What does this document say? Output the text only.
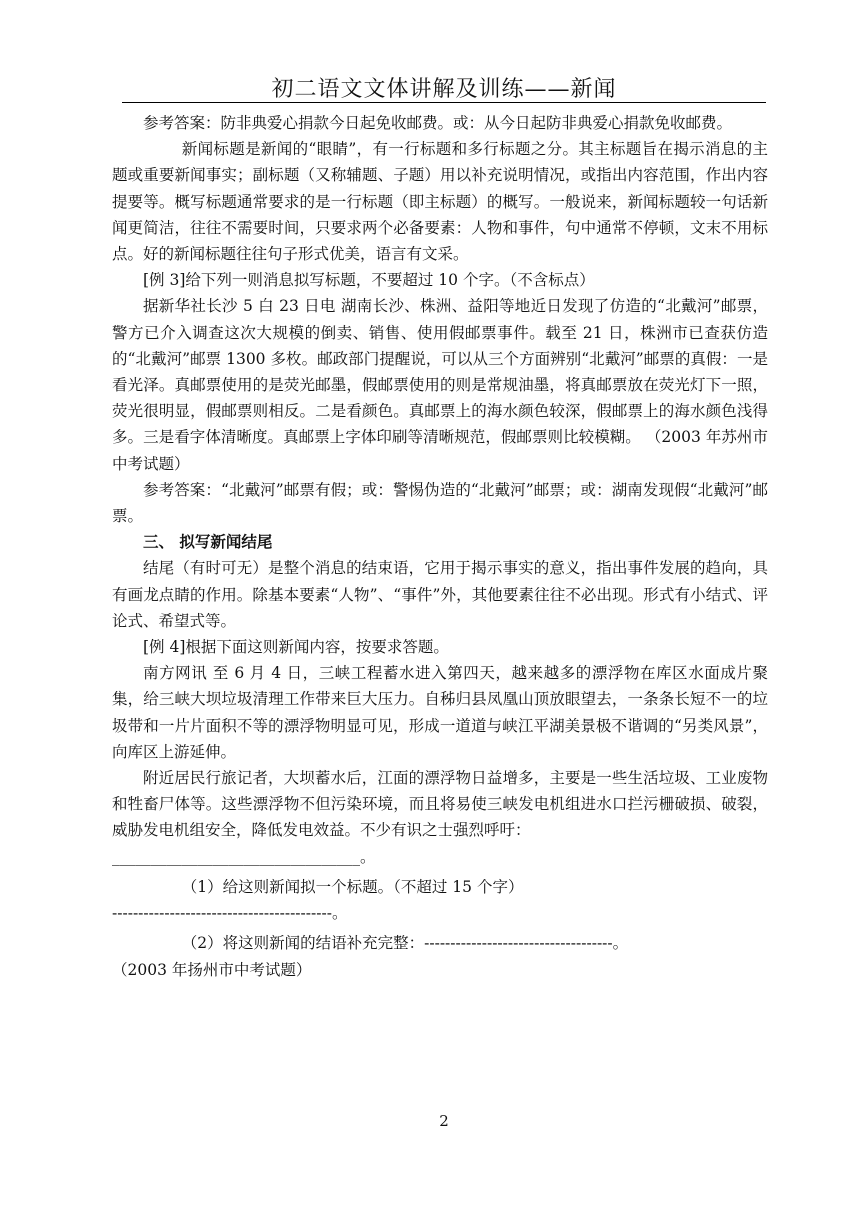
初二语文文体讲解及训练——新闻

参考答案：防非典爱心捐款今日起免收邮费。或：从今日起防非典爱心捐款免收邮费。

新闻标题是新闻的“眼睛”，有一行标题和多行标题之分。其主标题旨在揭示消息的主题或重要新闻事实；副标题（又称辅题、子题）用以补充说明情况，或指出内容范围，作出内容提要等。概写标题通常要求的是一行标题（即主标题）的概写。一般说来，新闻标题较一句话新闻更简洁，往往不需要时间，只要求两个必备要素：人物和事件，句中通常不停顿，文末不用标点。好的新闻标题往往句子形式优美，语言有文采。

[例 3]给下列一则消息拟写标题，不要超过 10 个字。（不含标点）

据新华社长沙 5 白 23 日电 湖南长沙、株洲、益阳等地近日发现了仿造的“北戴河”邮票，警方已介入调查这次大规模的倒卖、销售、使用假邮票事件。载至 21 日，株洲市已查获仿造的“北戴河”邮票 1300 多枚。邮政部门提醒说，可以从三个方面辨别“北戴河”邮票的真假：一是看光泽。真邮票使用的是荧光邮墨，假邮票使用的则是常规油墨，将真邮票放在荧光灯下一照，荧光很明显，假邮票则相反。二是看颜色。真邮票上的海水颜色较深，假邮票上的海水颜色浅得多。三是看字体清晰度。真邮票上字体印刷等清晰规范，假邮票则比较模糊。 （2003 年苏州市中考试题）

参考答案：“北戴河”邮票有假；或：警惕伪造的“北戴河”邮票；或：湖南发现假“北戴河”邮票。

三、 拟写新闻结尾

结尾（有时可无）是整个消息的结束语，它用于揭示事实的意义，指出事件发展的趋向，具有画龙点睛的作用。除基本要素“人物”、“事件”外，其他要素往往不必出现。形式有小结式、评论式、希望式等。

[例 4]根据下面这则新闻内容，按要求答题。

南方网讯 至 6 月 4 日，三峡工程蓄水进入第四天，越来越多的漂浮物在库区水面成片聚集，给三峡大坝垃圾清理工作带来巨大压力。自秭归县凤凰山顶放眼望去，一条条长短不一的垃圾带和一片片面积不等的漂浮物明显可见，形成一道道与峡江平湖美景极不谐调的“另类风景”，向库区上游延伸。

附近居民行旅记者，大坝蓄水后，江面的漂浮物日益增多，主要是一些生活垃圾、工业废物和牲畜尸体等。这些漂浮物不但污染环境，而且将易使三峡发电机组进水口拦污栅破损、破裂，威胁发电机组安全，降低发电效益。不少有识之士强烈呼吁：

________________________________。

（1）给这则新闻拟一个标题。（不超过 15 个字）

------------------------------------------。

（2）将这则新闻的结语补充完整：------------------------------------。

（2003 年扬州市中考试题）

2
